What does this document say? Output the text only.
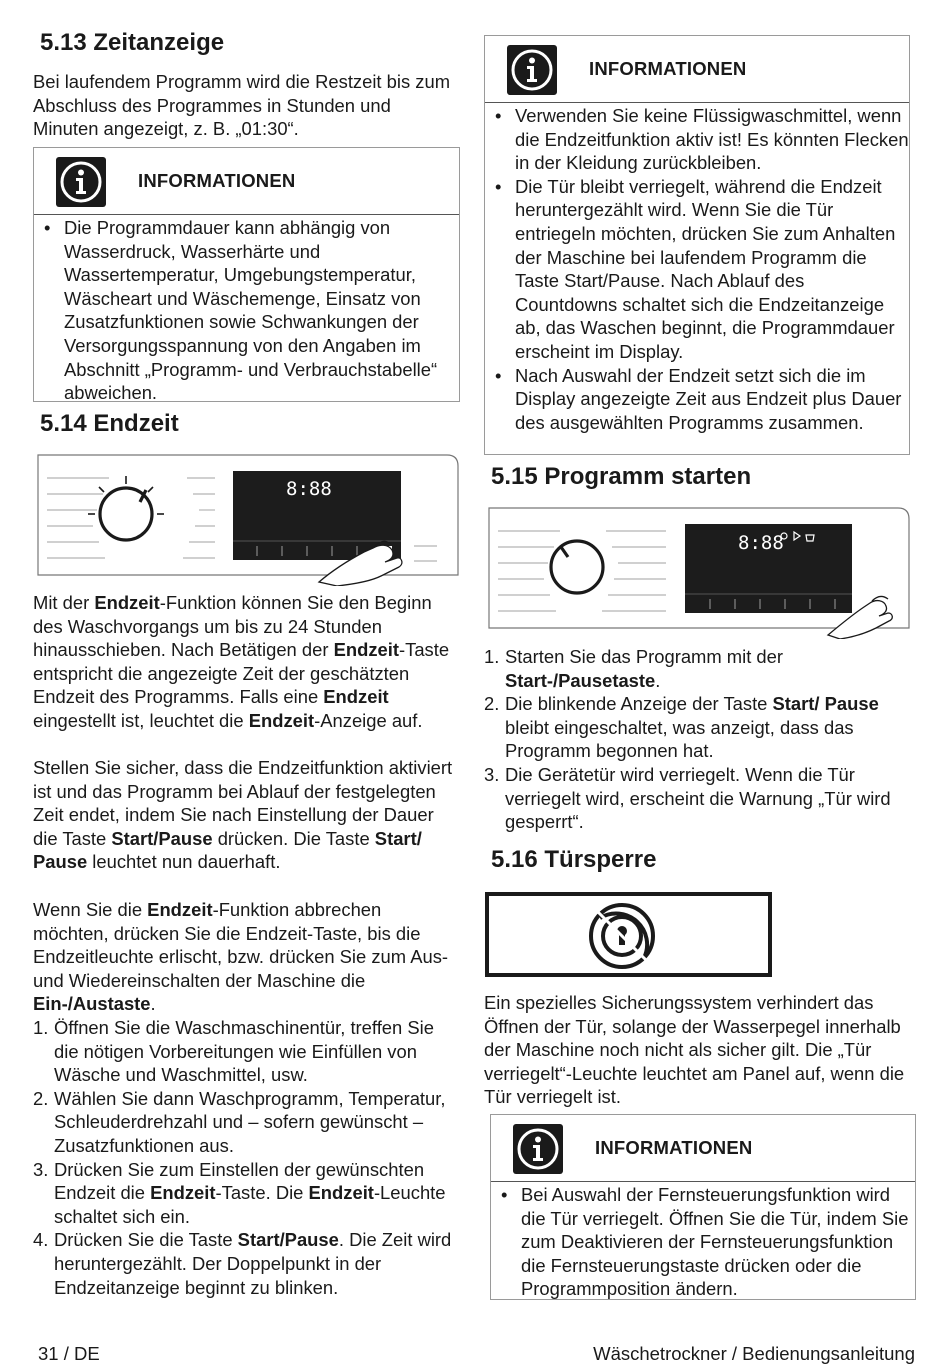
5.13 Zeitanzeige

Bei laufendem Programm wird die Restzeit bis zum Abschluss des Programmes in Stunden und Minuten angezeigt, z. B. „01:30“.

INFORMATIONEN
• Die Programmdauer kann abhängig von Wasserdruck, Wasserhärte und Wassertemperatur, Umgebungstemperatur, Wäscheart und Wäschemenge, Einsatz von Zusatzfunktionen sowie Schwankungen der Versorgungsspannung von den Angaben im Abschnitt „Programm- und Verbrauchstabelle“ abweichen.
5.14 Endzeit
8:88

Mit der Endzeit-Funktion können Sie den Beginn des Waschvorgangs um bis zu 24 Stunden hinausschieben. Nach Betätigen der Endzeit-Taste entspricht die angezeigte Zeit der geschätzten Endzeit des Programms. Falls eine Endzeit eingestellt ist, leuchtet die Endzeit-Anzeige auf.

Stellen Sie sicher, dass die Endzeitfunktion aktiviert ist und das Programm bei Ablauf der festgelegten Zeit endet, indem Sie nach Einstellung der Dauer die Taste Start/Pause drücken. Die Taste Start/ Pause leuchtet nun dauerhaft.

Wenn Sie die Endzeit-Funktion abbrechen möchten, drücken Sie die Endzeit-Taste, bis die Endzeitleuchte erlischt, bzw. drücken Sie zum Aus- und Wiedereinschalten der Maschine die Ein-/Austaste.

1. Öffnen Sie die Waschmaschinentür, treffen Sie die nötigen Vorbereitungen wie Einfüllen von Wäsche und Waschmittel, usw.
2. Wählen Sie dann Waschprogramm, Temperatur, Schleuderdrehzahl und – sofern gewünscht – Zusatzfunktionen aus.
3. Drücken Sie zum Einstellen der gewünschten Endzeit die Endzeit-Taste. Die Endzeit-Leuchte schaltet sich ein.
4. Drücken Sie die Taste Start/Pause. Die Zeit wird heruntergezählt. Der Doppelpunkt in der Endzeitanzeige beginnt zu blinken.
INFORMATIONEN
• Verwenden Sie keine Flüssigwaschmittel, wenn die Endzeitfunktion aktiv ist! Es könnten Flecken in der Kleidung zurückbleiben.
• Die Tür bleibt verriegelt, während die Endzeit heruntergezählt wird. Wenn Sie die Tür entriegeln möchten, drücken Sie zum Anhalten der Maschine bei laufendem Programm die Taste Start/Pause. Nach Ablauf des Countdowns schaltet sich die Endzeitanzeige ab, das Waschen beginnt, die Programmdauer erscheint im Display.
• Nach Auswahl der Endzeit setzt sich die im Display angezeigte Zeit aus Endzeit plus Dauer des ausgewählten Programms zusammen.
5.15 Programm starten
8:88
1. Starten Sie das Programm mit der Start-/Pausetaste.
2. Die blinkende Anzeige der Taste Start/ Pause bleibt eingeschaltet, was anzeigt, dass das Programm begonnen hat.
3. Die Gerätetür wird verriegelt. Wenn die Tür verriegelt wird, erscheint die Warnung „Tür wird gesperrt“.
5.16 Türsperre

Ein spezielles Sicherungssystem verhindert das Öffnen der Tür, solange der Wasserpegel innerhalb der Maschine noch nicht als sicher gilt. Die „Tür verriegelt“-Leuchte leuchtet am Panel auf, wenn die Tür verriegelt ist.

INFORMATIONEN
• Bei Auswahl der Fernsteuerungsfunktion wird die Tür verriegelt. Öffnen Sie die Tür, indem Sie zum Deaktivieren der Fernsteuerungsfunktion die Fernsteuerungstaste drücken oder die Programmposition ändern.
31 / DE	Wäschetrockner / Bedienungsanleitung
